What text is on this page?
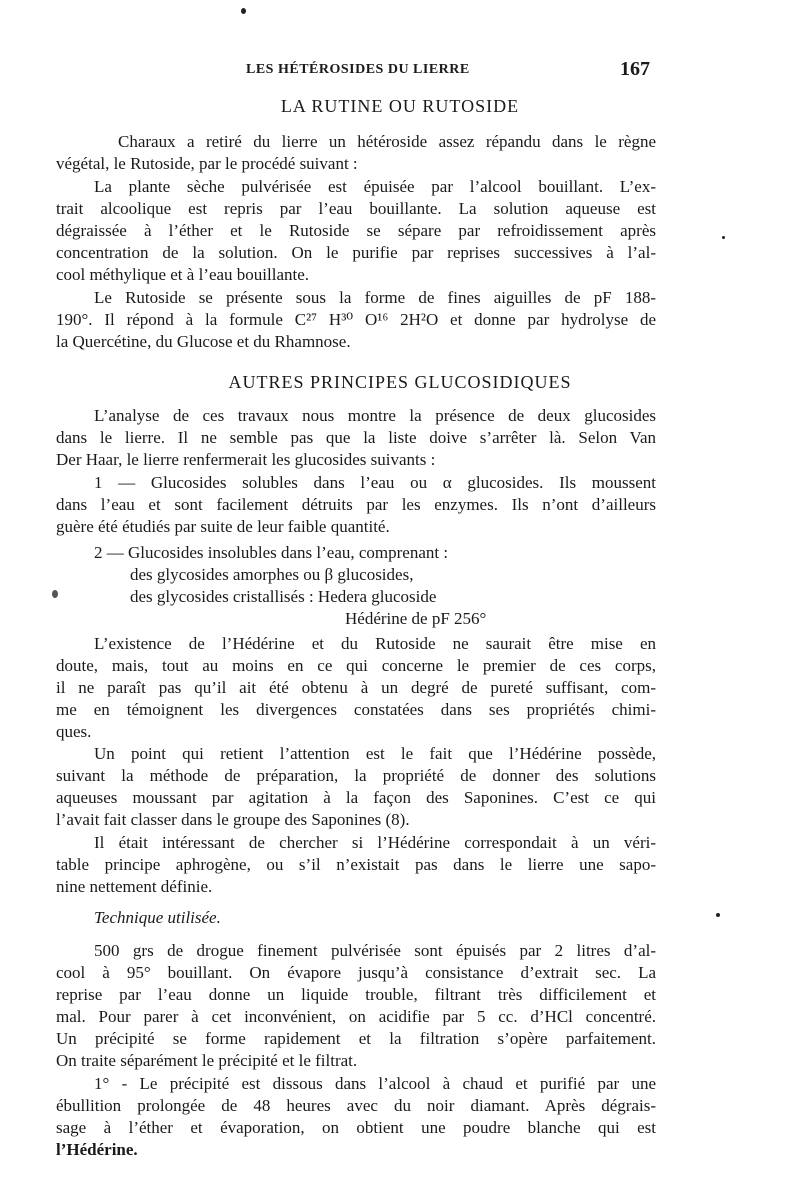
LES HÉTÉROSIDES DU LIERRE	167
LA RUTINE OU RUTOSIDE
Charaux a retiré du lierre un hétéroside assez répandu dans le règne
végétal, le Rutoside, par le procédé suivant :
La plante sèche pulvérisée est épuisée par l’alcool bouillant. L’ex-
trait alcoolique est repris par l’eau bouillante. La solution aqueuse est
dégraissée à l’éther et le Rutoside se sépare par refroidissement après
concentration de la solution. On le purifie par reprises successives à l’al-
cool méthylique et à l’eau bouillante.
Le Rutoside se présente sous la forme de fines aiguilles de pF 188-
190°. Il répond à la formule C²⁷ H³⁰ O¹⁶ 2H²O et donne par hydrolyse de
la Quercétine, du Glucose et du Rhamnose.
AUTRES PRINCIPES GLUCOSIDIQUES
L’analyse de ces travaux nous montre la présence de deux glucosides
dans le lierre. Il ne semble pas que la liste doive s’arrêter là. Selon Van
Der Haar, le lierre renfermerait les glucosides suivants :
1 — Glucosides solubles dans l’eau ou α glucosides. Ils moussent
dans l’eau et sont facilement détruits par les enzymes. Ils n’ont d’ailleurs
guère été étudiés par suite de leur faible quantité.
2 — Glucosides insolubles dans l’eau, comprenant :
des glycosides amorphes ou β glucosides,
des glycosides cristallisés : Hedera glucoside
Hédérine de pF 256°
L’existence de l’Hédérine et du Rutoside ne saurait être mise en
doute, mais, tout au moins en ce qui concerne le premier de ces corps,
il ne paraît pas qu’il ait été obtenu à un degré de pureté suffisant, com-
me en témoignent les divergences constatées dans ses propriétés chimi-
ques.
Un point qui retient l’attention est le fait que l’Hédérine possède,
suivant la méthode de préparation, la propriété de donner des solutions
aqueuses moussant par agitation à la façon des Saponines. C’est ce qui
l’avait fait classer dans le groupe des Saponines (8).
Il était intéressant de chercher si l’Hédérine correspondait à un véri-
table principe aphrogène, ou s’il n’existait pas dans le lierre une sapo-
nine nettement définie.
Technique utilisée.
500 grs de drogue finement pulvérisée sont épuisés par 2 litres d’al-
cool à 95° bouillant. On évapore jusqu’à consistance d’extrait sec. La
reprise par l’eau donne un liquide trouble, filtrant très difficilement et
mal. Pour parer à cet inconvénient, on acidifie par 5 cc. d’HCl concentré.
Un précipité se forme rapidement et la filtration s’opère parfaitement.
On traite séparément le précipité et le filtrat.
1° - Le précipité est dissous dans l’alcool à chaud et purifié par une
ébullition prolongée de 48 heures avec du noir diamant. Après dégrais-
sage à l’éther et évaporation, on obtient une poudre blanche qui est
l’Hédérine.
